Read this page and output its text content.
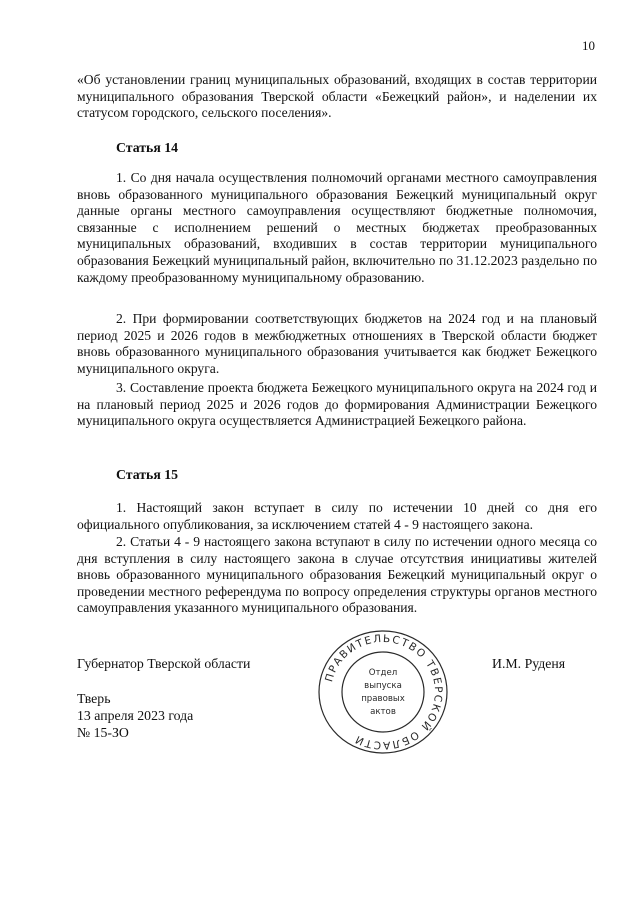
10

«Об установлении границ муниципальных образований, входящих в состав территории муниципального образования Тверской области «Бежецкий район», и наделении их статусом городского, сельского поселения».

Статья 14

1. Со дня начала осуществления полномочий органами местного самоуправления вновь образованного муниципального образования Бежецкий муниципальный округ данные органы местного самоуправления осуществляют бюджетные полномочия, связанные с исполнением решений о местных бюджетах преобразованных муниципальных образований, входивших в состав территории муниципального образования Бежецкий муниципальный район, включительно по 31.12.2023 раздельно по каждому преобразованному муниципальному образованию.

2. При формировании соответствующих бюджетов на 2024 год и на плановый период 2025 и 2026 годов в межбюджетных отношениях в Тверской области бюджет вновь образованного муниципального образования учитывается как бюджет Бежецкого муниципального округа.

3. Составление проекта бюджета Бежецкого муниципального округа на 2024 год и на плановый период 2025 и 2026 годов до формирования Администрации Бежецкого муниципального округа осуществляется Администрацией Бежецкого района.

Статья 15

1. Настоящий закон вступает в силу по истечении 10 дней со дня его официального опубликования, за исключением статей 4 - 9 настоящего закона.

2. Статьи 4 - 9 настоящего закона вступают в силу по истечении одного месяца со дня вступления в силу настоящего закона в случае отсутствия инициативы жителей вновь образованного муниципального образования Бежецкий муниципальный округ о проведении местного референдума по вопросу определения структуры органов местного самоуправления указанного муниципального образования.

Губернатор Тверской области	И.М. Руденя
Тверь
13 апреля 2023 года
№ 15-ЗО
ПРАВИТЕЛЬСТВО ТВЕРСКОЙ ОБЛАСТИ
Отдел
выпуска
правовых
актов
